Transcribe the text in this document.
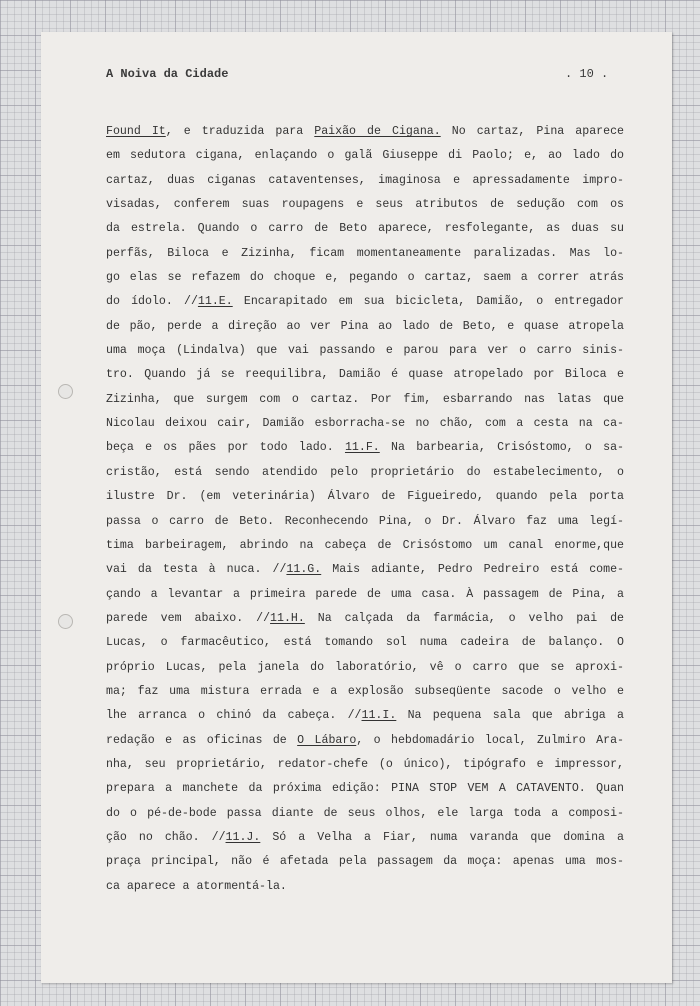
A Noiva da Cidade	. 10 .
Found It, e traduzida para Paixão de Cigana. No cartaz, Pina aparece
em sedutora cigana, enlaçando o galã Giuseppe di Paolo; e, ao lado do
cartaz, duas ciganas cataventenses, imaginosa e apressadamente impro-
visadas, conferem suas roupagens e seus atributos de sedução com os
da estrela. Quando o carro de Beto aparece, resfolegante, as duas su
perfãs, Biloca e Zizinha, ficam momentaneamente paralizadas. Mas lo-
go elas se refazem do choque e, pegando o cartaz, saem a correr atrás
do ídolo. //11.E. Encarapitado em sua bicicleta, Damião, o entregador
de pão, perde a direção ao ver Pina ao lado de Beto, e quase atropela
uma moça (Lindalva) que vai passando e parou para ver o carro sinis-
tro. Quando já se reequilibra, Damião é quase atropelado por Biloca e
Zizinha, que surgem com o cartaz. Por fim, esbarrando nas latas que
Nicolau deixou cair, Damião esborracha-se no chão, com a cesta na ca-
beça e os pães por todo lado. 11.F. Na barbearia, Crisóstomo, o sa-
cristão, está sendo atendido pelo proprietário do estabelecimento, o
ilustre Dr. (em veterinária) Álvaro de Figueiredo, quando pela porta
passa o carro de Beto. Reconhecendo Pina, o Dr. Álvaro faz uma legí-
tima barbeiragem, abrindo na cabeça de Crisóstomo um canal enorme,que
vai da testa à nuca. //11.G. Mais adiante, Pedro Pedreiro está come-
çando a levantar a primeira parede de uma casa. À passagem de Pina, a
parede vem abaixo. //11.H. Na calçada da farmácia, o velho pai de
Lucas, o farmacêutico, está tomando sol numa cadeira de balanço. O
próprio Lucas, pela janela do laboratório, vê o carro que se aproxi-
ma; faz uma mistura errada e a explosão subseqüente sacode o velho e
lhe arranca o chinó da cabeça. //11.I. Na pequena sala que abriga a
redação e as oficinas de O Lábaro, o hebdomadário local, Zulmiro Ara-
nha, seu proprietário, redator-chefe (o único), tipógrafo e impressor,
prepara a manchete da próxima edição: PINA STOP VEM A CATAVENTO. Quan
do o pé-de-bode passa diante de seus olhos, ele larga toda a composi-
ção no chão. //11.J. Só a Velha a Fiar, numa varanda que domina a
praça principal, não é afetada pela passagem da moça: apenas uma mos-
ca aparece a atormentá-la.
